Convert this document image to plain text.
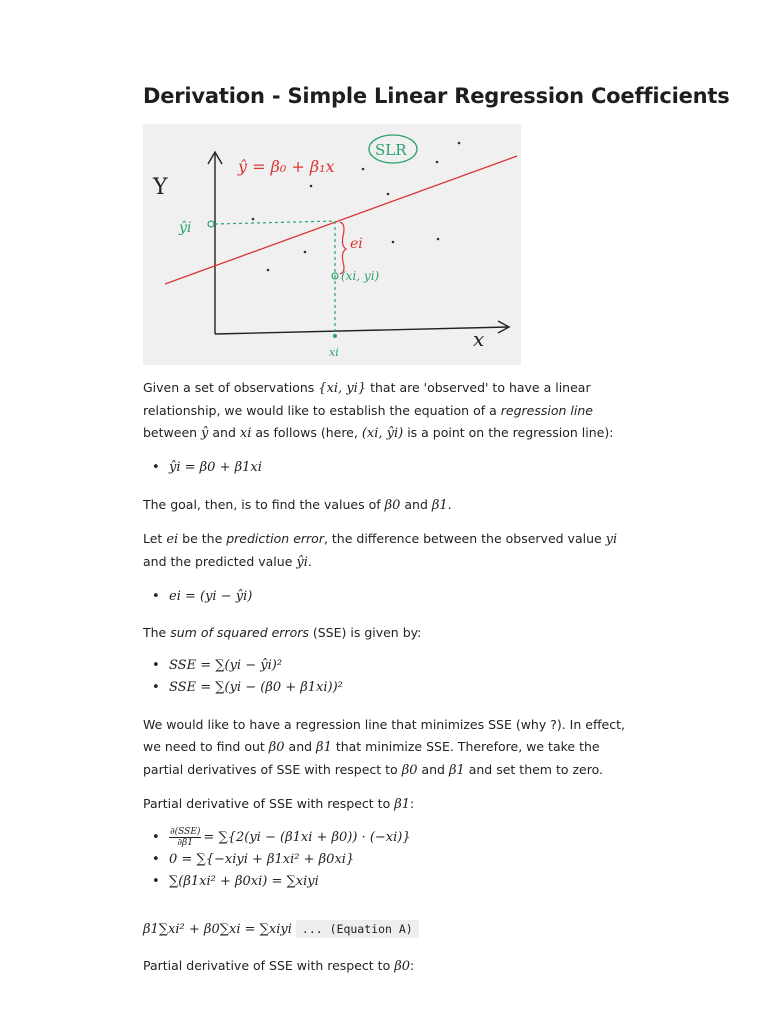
Derivation - Simple Linear Regression Coefficients
Y
ŷi
ŷ = β₀ + β₁x
SLR
ei
(xi, yi)
x
xi

Given a set of observations {xi, yi} that are 'observed' to have a linear relationship, we would like to establish the equation of a regression line between ŷ and xi as follows (here, (xi, ŷi) is a point on the regression line):

• ŷi = β0 + β1xi

The goal, then, is to find the values of β0 and β1.

Let ei be the prediction error, the difference between the observed value yi and the predicted value ŷi.

• ei = (yi − ŷi)

The sum of squared errors (SSE) is given by:

• SSE = ∑(yi − ŷi)²
• SSE = ∑(yi − (β0 + β1xi))²

We would like to have a regression line that minimizes SSE (why ?). In effect, we need to find out β0 and β1 that minimize SSE. Therefore, we take the partial derivatives of SSE with respect to β0 and β1 and set them to zero.

Partial derivative of SSE with respect to β1:

• $\frac{\text{∂(SSE)}}{\partial\beta 1} = \sum\{2(yi - (\beta 1xi + \beta 0)) \cdot (-xi)\}$
• 0 = ∑{−xiyi + β1xi² + β0xi}
• ∑(β1xi² + β0xi) = ∑xiyi

β1∑xi² + β0∑xi = ∑xiyi ... (Equation A)

Partial derivative of SSE with respect to β0:
